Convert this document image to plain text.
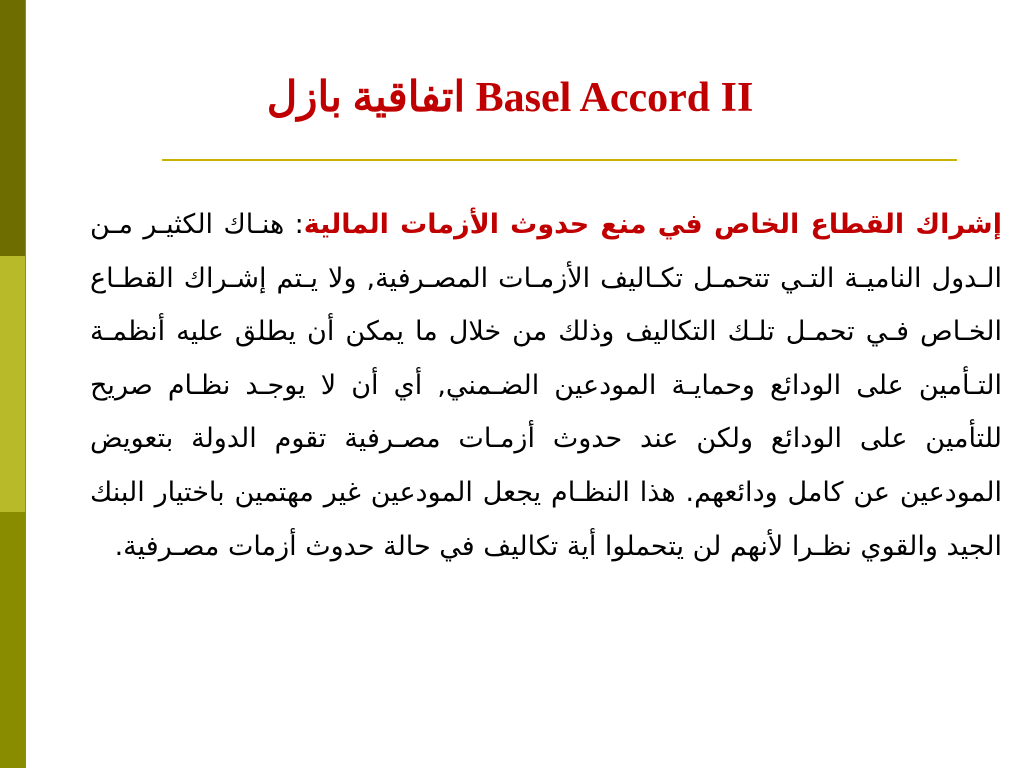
اتفاقية بازل Basel Accord II
إشراك القطاع الخاص في منع حدوث الأزمات المالية: هنـاك الكثيـر مـن الـدول الناميـة التـي تتحمـل تكـاليف الأزمـات المصـرفية, ولا يـتم إشـراك القطـاع الخـاص فـي تحمـل تلـك التكاليف وذلك من خلال ما يمكن أن يطلق عليه أنظمـة التـأمين على الودائع وحمايـة المودعين الضـمني, أي أن لا يوجـد نظـام صريح للتأمين على الودائع ولكن عند حدوث أزمـات مصـرفية تقوم الدولة بتعويض المودعين عن كامل ودائعهم. هذا النظـام يجعل المودعين غير مهتمين باختيار البنك الجيد والقوي نظـرا لأنهم لن يتحملوا أية تكاليف في حالة حدوث أزمات مصـرفية.
